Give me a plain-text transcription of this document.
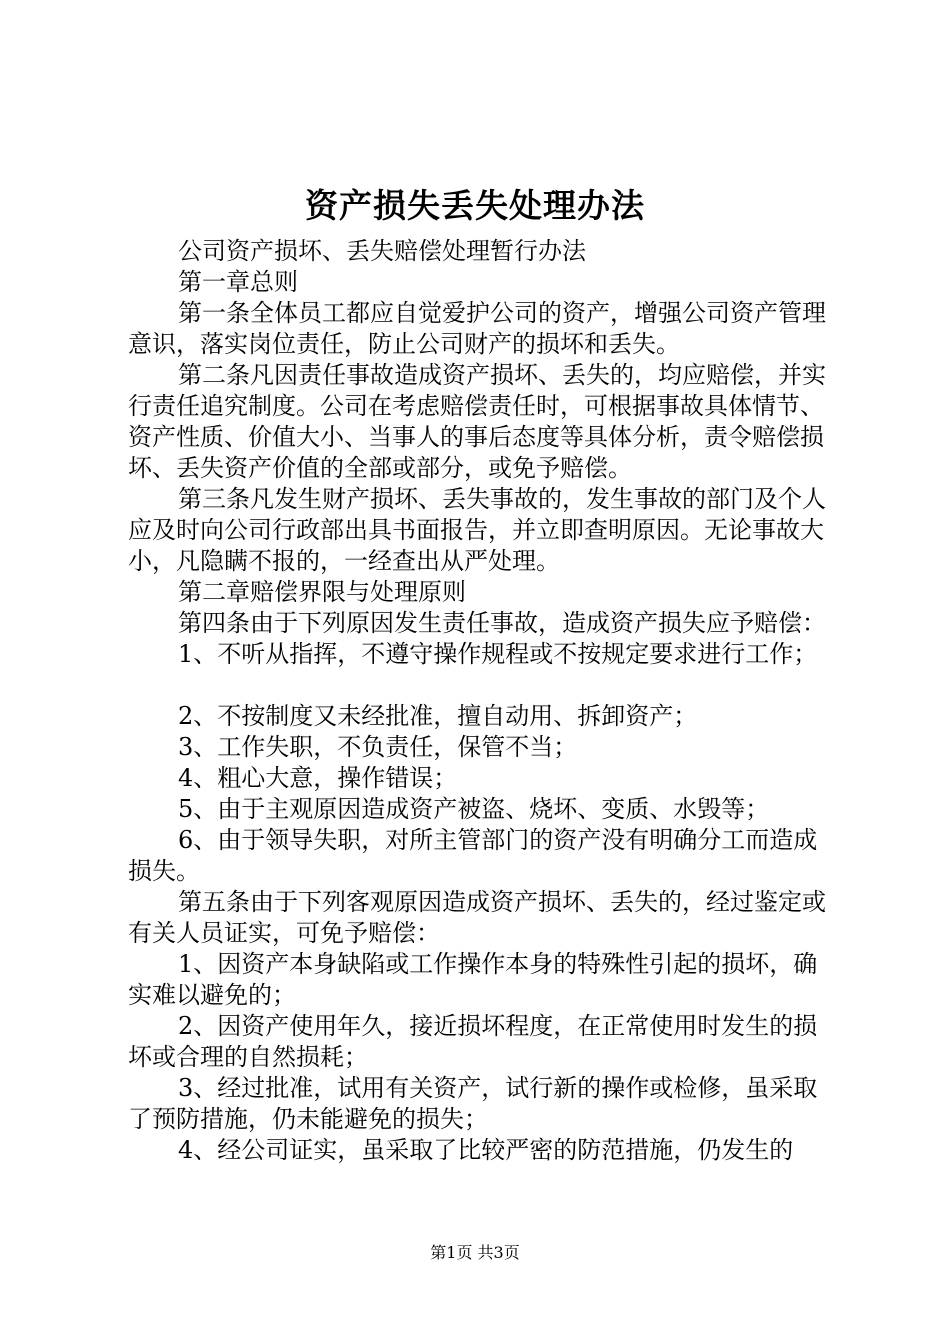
资产损失丢失处理办法

公司资产损坏、丢失赔偿处理暂行办法

第一章总则

第一条全体员工都应自觉爱护公司的资产，增强公司资产管理意识，落实岗位责任，防止公司财产的损坏和丢失。

第二条凡因责任事故造成资产损坏、丢失的，均应赔偿，并实行责任追究制度。公司在考虑赔偿责任时，可根据事故具体情节、资产性质、价值大小、当事人的事后态度等具体分析，责令赔偿损坏、丢失资产价值的全部或部分，或免予赔偿。

第三条凡发生财产损坏、丢失事故的，发生事故的部门及个人应及时向公司行政部出具书面报告，并立即查明原因。无论事故大小，凡隐瞒不报的，一经查出从严处理。

第二章赔偿界限与处理原则

第四条由于下列原因发生责任事故，造成资产损失应予赔偿：

1、不听从指挥，不遵守操作规程或不按规定要求进行工作；

2、不按制度又未经批准，擅自动用、拆卸资产；

3、工作失职，不负责任，保管不当；

4、粗心大意，操作错误；

5、由于主观原因造成资产被盗、烧坏、变质、水毁等；

6、由于领导失职，对所主管部门的资产没有明确分工而造成损失。

第五条由于下列客观原因造成资产损坏、丢失的，经过鉴定或有关人员证实，可免予赔偿：

1、因资产本身缺陷或工作操作本身的特殊性引起的损坏，确实难以避免的；

2、因资产使用年久，接近损坏程度，在正常使用时发生的损坏或合理的自然损耗；

3、经过批准，试用有关资产，试行新的操作或检修，虽采取了预防措施，仍未能避免的损失；

4、经公司证实，虽采取了比较严密的防范措施，仍发生的

第1页 共3页
